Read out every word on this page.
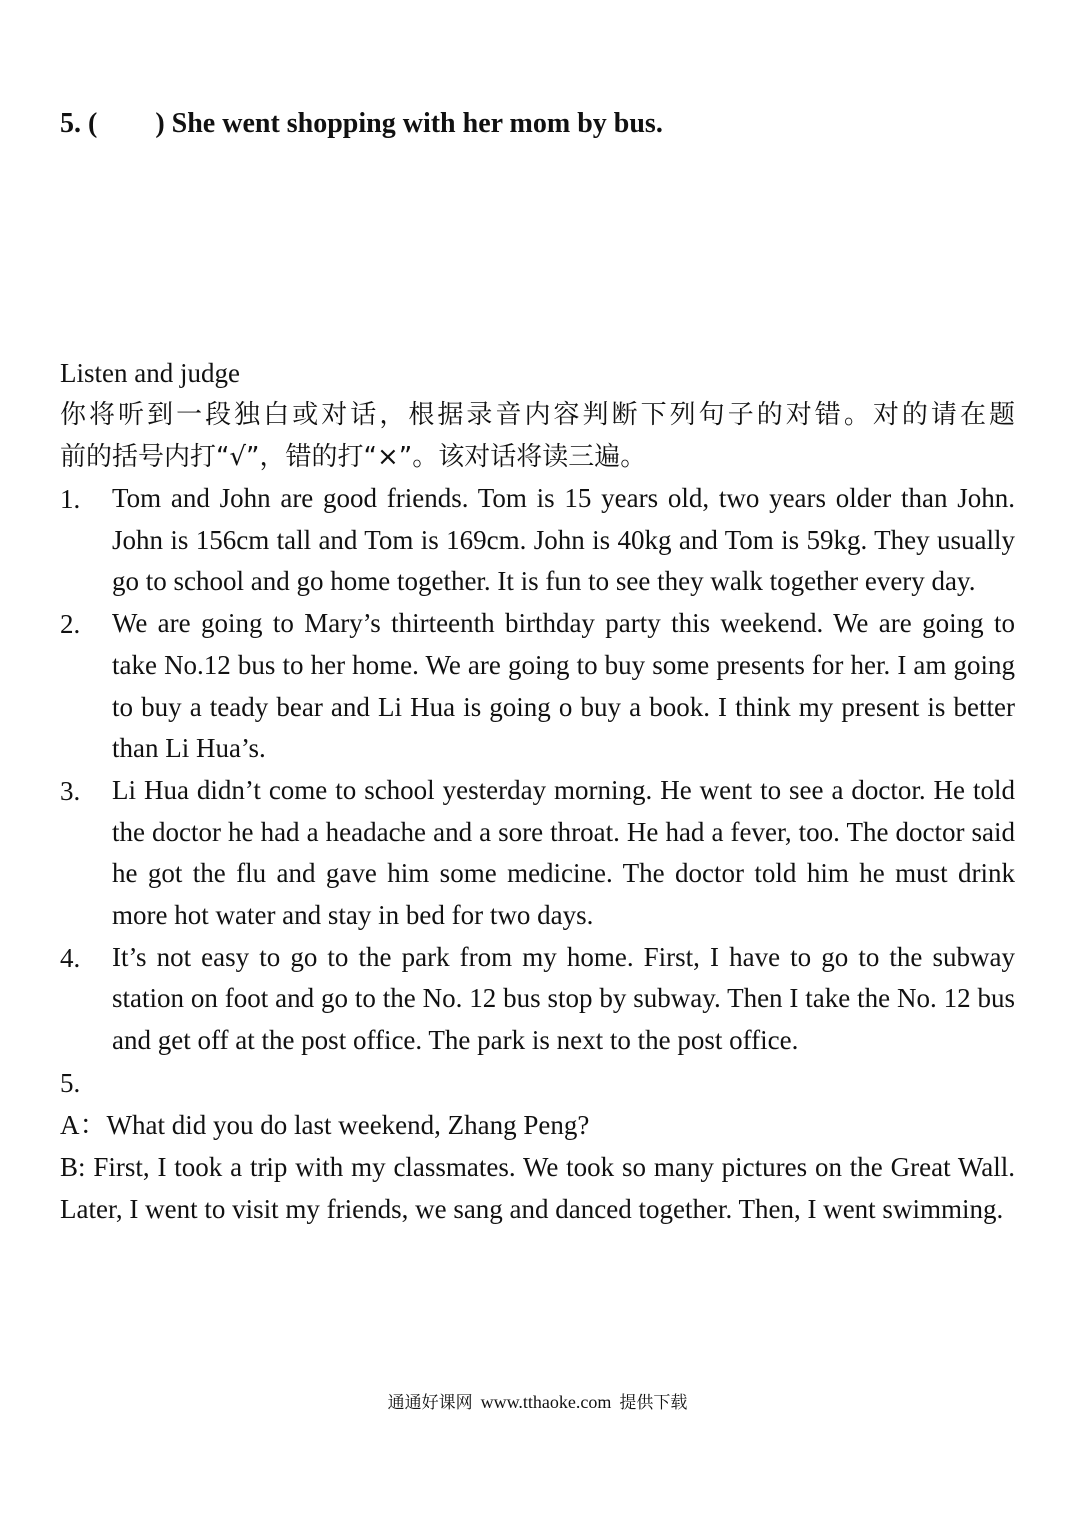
5. ( ) She went shopping with her mom by bus.
Listen and judge
你将听到一段独白或对话，根据录音内容判断下列句子的对错。对的请在题
前的括号内打“√”，错的打“×”。该对话将读三遍。
1.	Tom and John are good friends. Tom is 15 years old, two years older than John. John is 156cm tall and Tom is 169cm. John is 40kg and Tom is 59kg. They usually go to school and go home together. It is fun to see they walk together every day.
2.	We are going to Mary’s thirteenth birthday party this weekend. We are going to take No.12 bus to her home. We are going to buy some presents for her. I am going to buy a teady bear and Li Hua is going o buy a book. I think my present is better than Li Hua’s.
3.	Li Hua didn’t come to school yesterday morning. He went to see a doctor. He told the doctor he had a headache and a sore throat. He had a fever, too. The doctor said he got the flu and gave him some medicine. The doctor told him he must drink more hot water and stay in bed for two days.
4.	It’s not easy to go to the park from my home. First, I have to go to the subway station on foot and go to the No. 12 bus stop by subway. Then I take the No. 12 bus and get off at the post office. The park is next to the post office.
5.
A：What did you do last weekend, Zhang Peng?
B: First, I took a trip with my classmates. We took so many pictures on the Great Wall. Later, I went to visit my friends, we sang and danced together. Then, I went swimming.
通通好课网 www.tthaoke.com 提供下载
